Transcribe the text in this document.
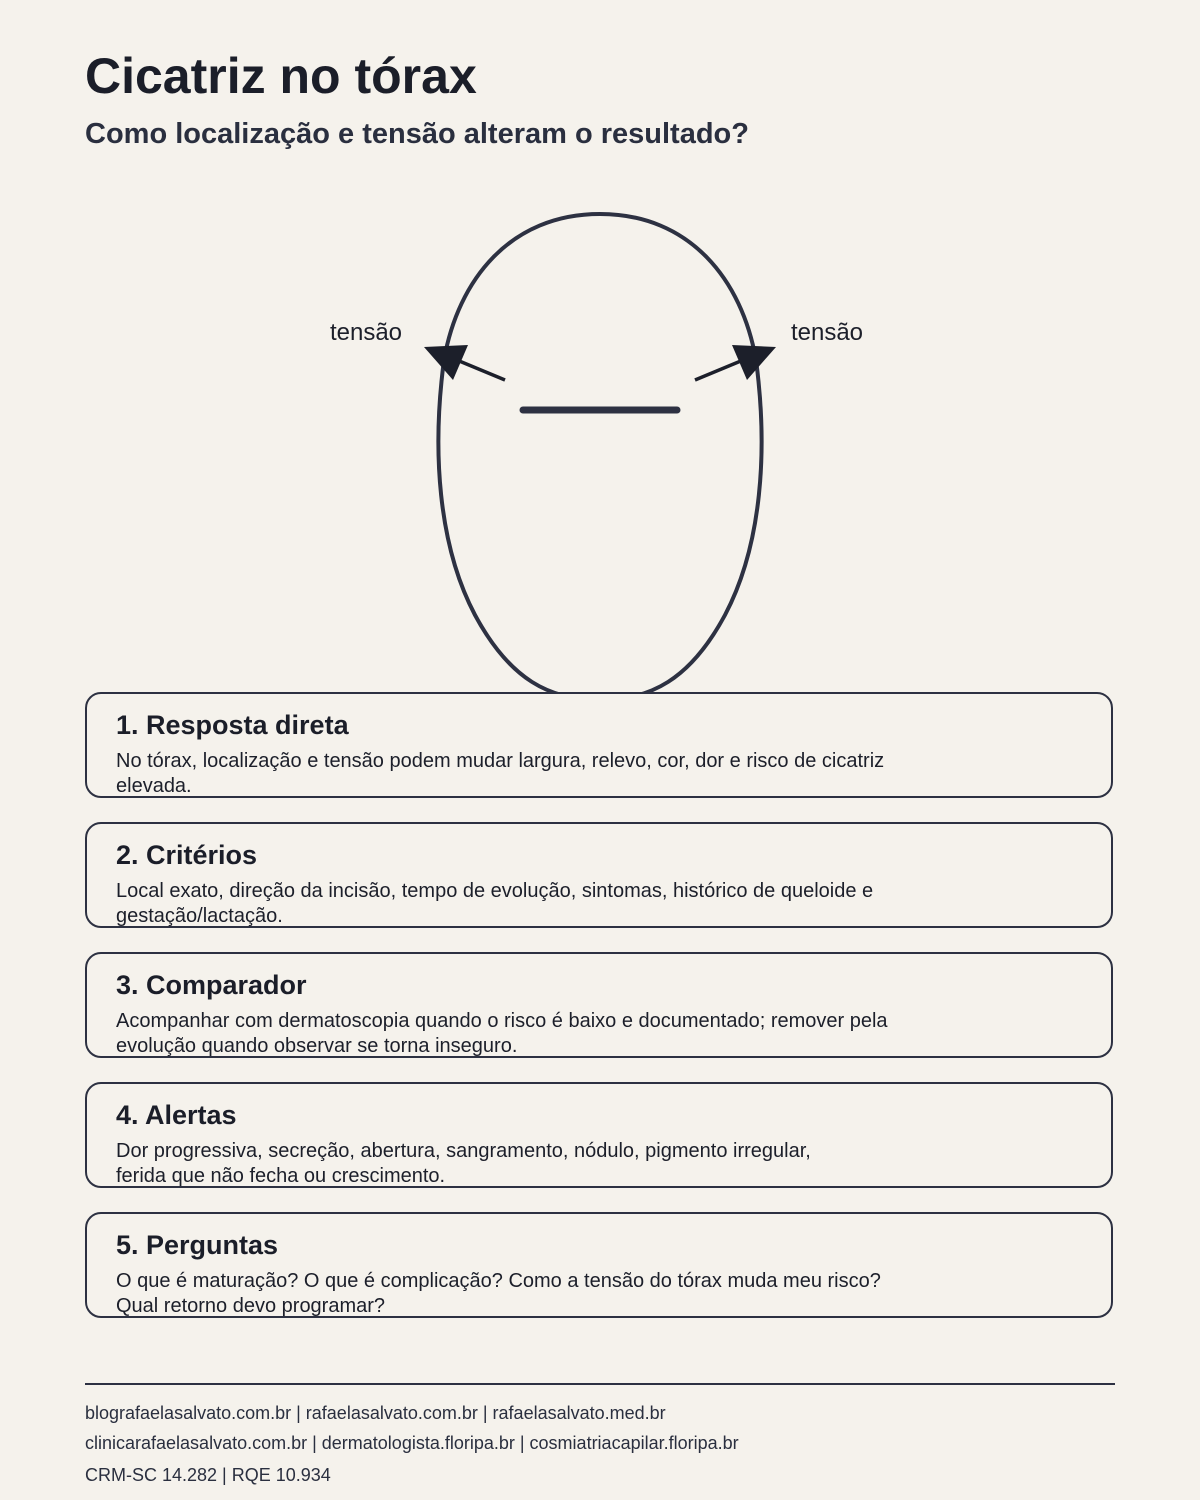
Cicatriz no tórax
Como localização e tensão alteram o resultado?
tensão	tensão
1. Resposta direta

No tórax, localização e tensão podem mudar largura, relevo, cor, dor e risco de cicatriz elevada.

2. Critérios

Local exato, direção da incisão, tempo de evolução, sintomas, histórico de queloide e gestação/lactação.

3. Comparador

Acompanhar com dermatoscopia quando o risco é baixo e documentado; remover pela evolução quando observar se torna inseguro.

4. Alertas

Dor progressiva, secreção, abertura, sangramento, nódulo, pigmento irregular, ferida que não fecha ou crescimento.

5. Perguntas

O que é maturação? O que é complicação? Como a tensão do tórax muda meu risco? Qual retorno devo programar?

blografaelasalvato.com.br | rafaelasalvato.com.br | rafaelasalvato.med.br

clinicarafaelasalvato.com.br | dermatologista.floripa.br | cosmiatriacapilar.floripa.br

CRM-SC 14.282 | RQE 10.934
